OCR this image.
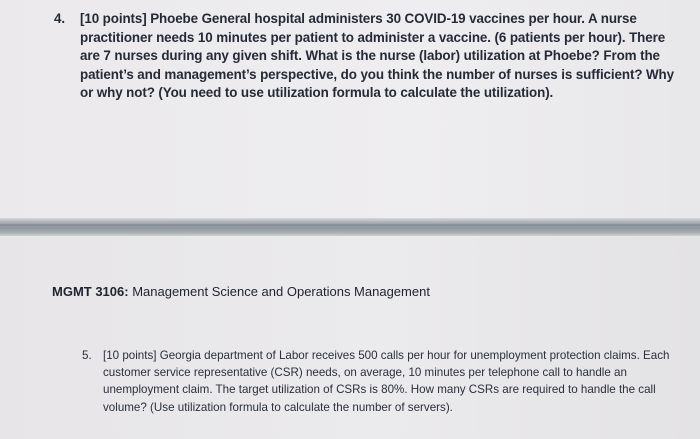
4. [10 points] Phoebe General hospital administers 30 COVID-19 vaccines per hour. A nurse practitioner needs 10 minutes per patient to administer a vaccine. (6 patients per hour). There are 7 nurses during any given shift. What is the nurse (labor) utilization at Phoebe? From the patient’s and management’s perspective, do you think the number of nurses is sufficient? Why or why not? (You need to use utilization formula to calculate the utilization).
MGMT 3106: Management Science and Operations Management
5. [10 points] Georgia department of Labor receives 500 calls per hour for unemployment protection claims. Each customer service representative (CSR) needs, on average, 10 minutes per telephone call to handle an unemployment claim. The target utilization of CSRs is 80%. How many CSRs are required to handle the call volume? (Use utilization formula to calculate the number of servers).
